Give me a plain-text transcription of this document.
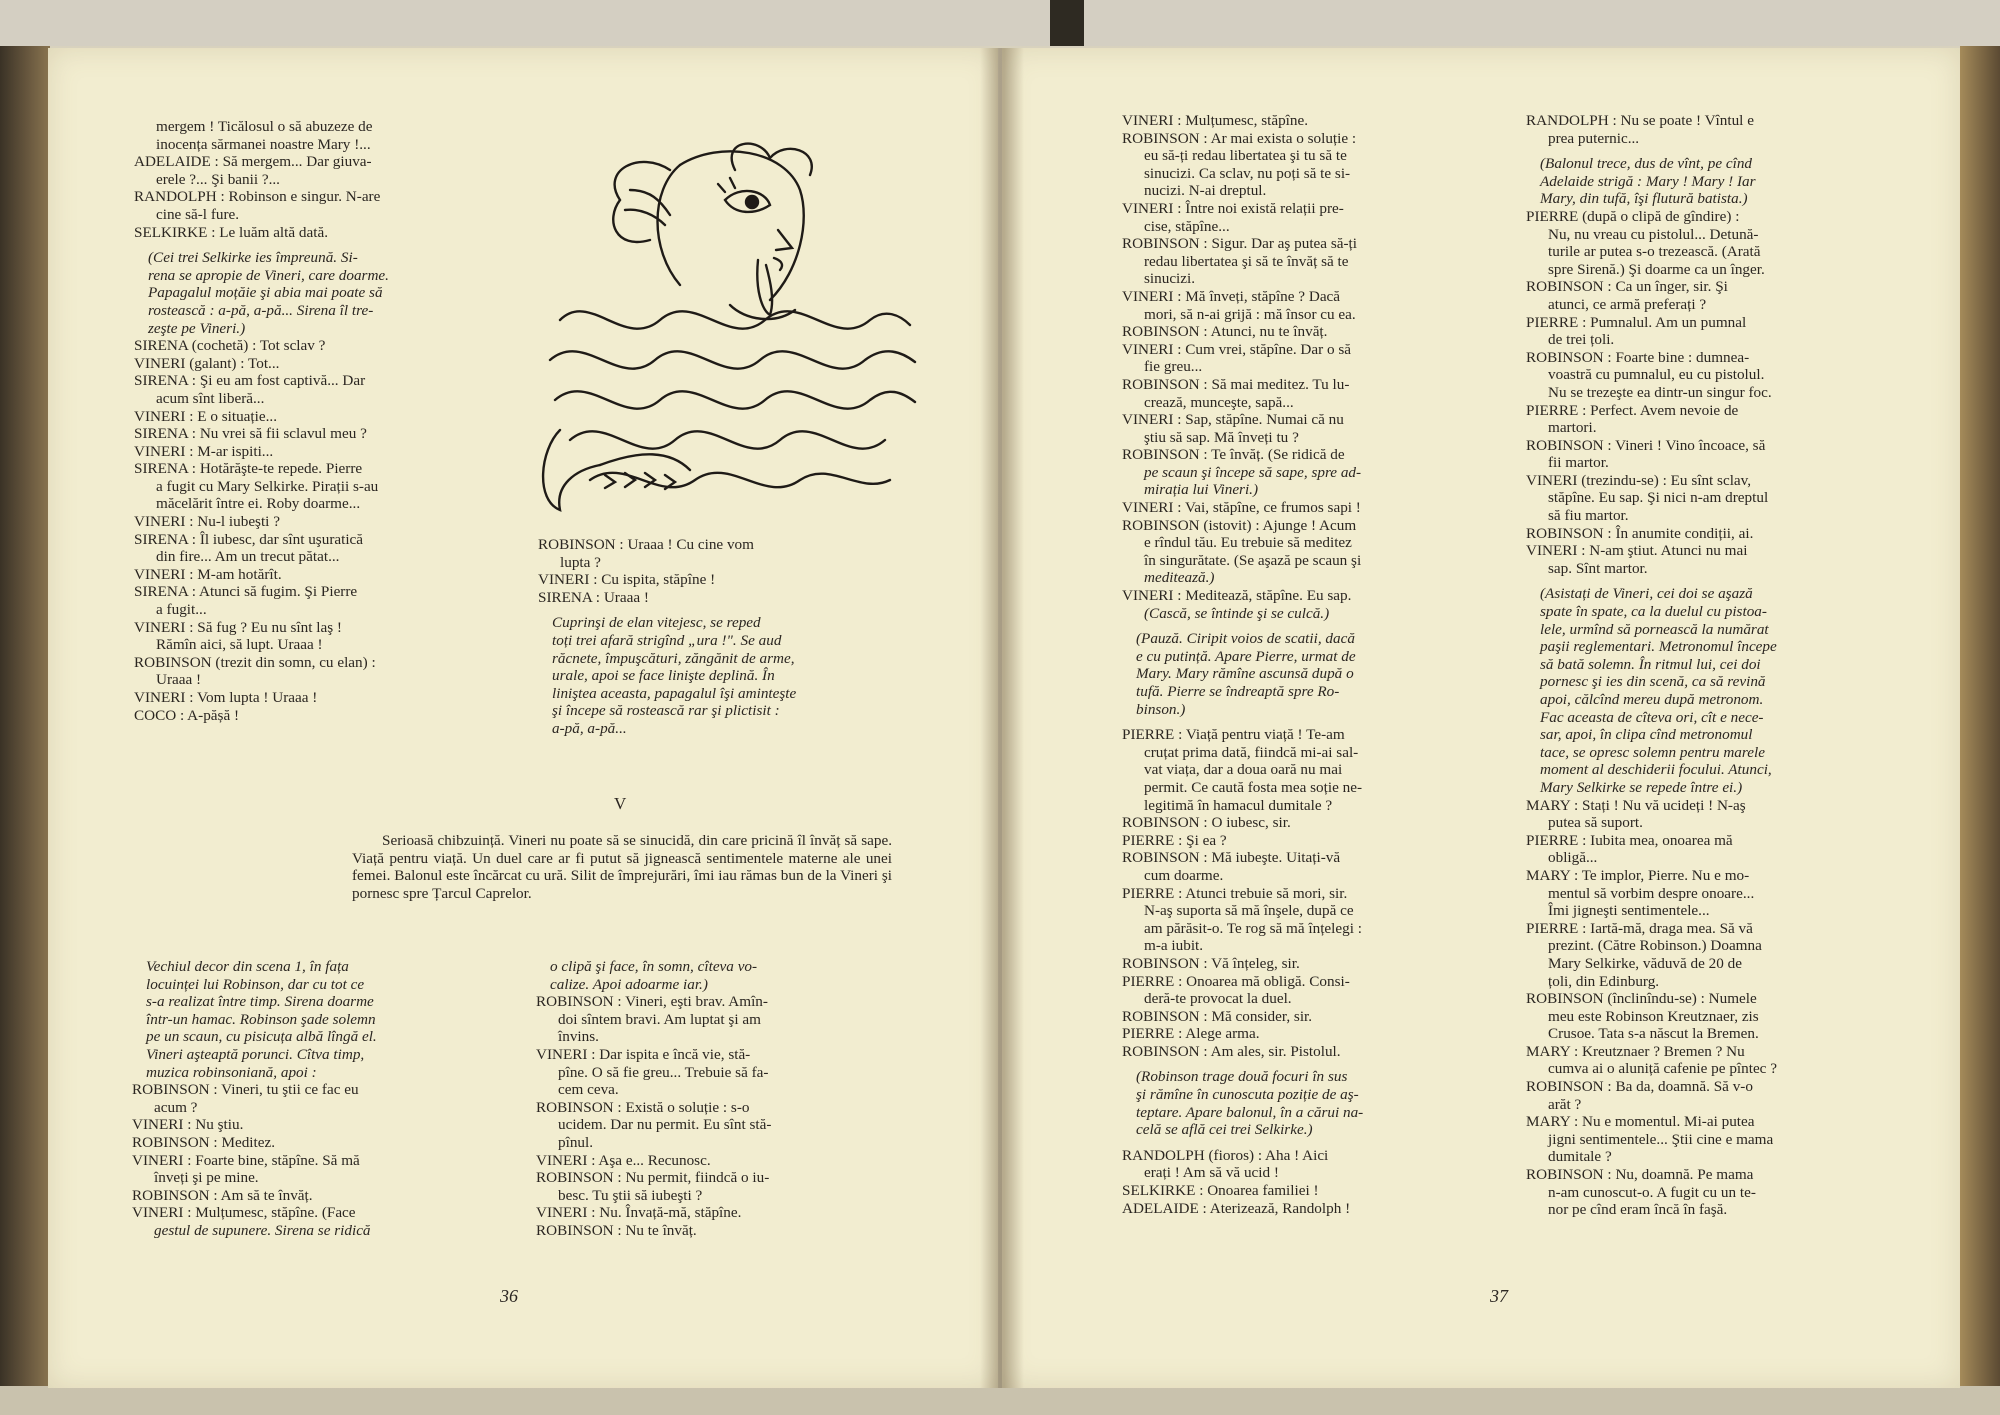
mergem ! Ticălosul o să abuzeze de
inocența sărmanei noastre Mary !...
ADELAIDE : Să mergem... Dar giuva-
erele ?... Şi banii ?...
RANDOLPH : Robinson e singur. N-are
cine să-l fure.
SELKIRKE : Le luăm altă dată.
(Cei trei Selkirke ies împreună. Si-
rena se apropie de Vineri, care doarme.
Papagalul moțăie şi abia mai poate să
rostească : a-pă, a-pă... Sirena îl tre-
zeşte pe Vineri.)
SIRENA (cochetă) : Tot sclav ?
VINERI (galant) : Tot...
SIRENA : Şi eu am fost captivă... Dar
acum sînt liberă...
VINERI : E o situație...
SIRENA : Nu vrei să fii sclavul meu ?
VINERI : M-ar ispiti...
SIRENA : Hotărăşte-te repede. Pierre
a fugit cu Mary Selkirke. Pirații s-au
măcelărit între ei. Roby doarme...
VINERI : Nu-l iubeşti ?
SIRENA : Îl iubesc, dar sînt uşuratică
din fire... Am un trecut pătat...
VINERI : M-am hotărît.
SIRENA : Atunci să fugim. Şi Pierre
a fugit...
VINERI : Să fug ? Eu nu sînt laş !
Rămîn aici, să lupt. Uraaa !
ROBINSON (trezit din somn, cu elan) :
Uraaa !
VINERI : Vom lupta ! Uraaa !
COCO : A-pășă !
ROBINSON : Uraaa ! Cu cine vom
lupta ?
VINERI : Cu ispita, stăpîne !
SIRENA : Uraaa !
Cuprinşi de elan vitejesc, se reped
toți trei afară strigînd „ura !". Se aud
răcnete, împuşcături, zăngănit de arme,
urale, apoi se face linişte deplină. În
liniştea aceasta, papagalul îşi aminteşte
şi începe să rostească rar şi plictisit :
a-pă, a-pă...
V
Serioasă chibzuință. Vineri nu poate să se sinucidă, din care pricină îl învăț să sape. Viață pentru viață. Un duel care ar fi putut să jignească sentimentele materne ale unei femei. Balonul este încărcat cu ură. Silit de împrejurări, îmi iau rămas bun de la Vineri şi pornesc spre Țarcul Caprelor.
Vechiul decor din scena 1, în fața
locuinței lui Robinson, dar cu tot ce
s-a realizat între timp. Sirena doarme
într-un hamac. Robinson şade solemn
pe un scaun, cu pisicuța albă lîngă el.
Vineri aşteaptă porunci. Cîtva timp,
muzica robinsoniană, apoi :
ROBINSON : Vineri, tu ştii ce fac eu
acum ?
VINERI : Nu ştiu.
ROBINSON : Meditez.
VINERI : Foarte bine, stăpîne. Să mă
înveți şi pe mine.
ROBINSON : Am să te învăț.
VINERI : Mulțumesc, stăpîne. (Face
gestul de supunere. Sirena se ridică
o clipă şi face, în somn, cîteva vo-
calize. Apoi adoarme iar.)
ROBINSON : Vineri, eşti brav. Amîn-
doi sîntem bravi. Am luptat şi am
învins.
VINERI : Dar ispita e încă vie, stă-
pîne. O să fie greu... Trebuie să fa-
cem ceva.
ROBINSON : Există o soluție : s-o
ucidem. Dar nu permit. Eu sînt stă-
pînul.
VINERI : Aşa e... Recunosc.
ROBINSON : Nu permit, fiindcă o iu-
besc. Tu ştii să iubeşti ?
VINERI : Nu. Învață-mă, stăpîne.
ROBINSON : Nu te învăț.
36
VINERI : Mulțumesc, stăpîne.
ROBINSON : Ar mai exista o soluție :
eu să-ți redau libertatea şi tu să te
sinucizi. Ca sclav, nu poți să te si-
nucizi. N-ai dreptul.
VINERI : Între noi există relații pre-
cise, stăpîne...
ROBINSON : Sigur. Dar aş putea să-ți
redau libertatea şi să te învăț să te
sinucizi.
VINERI : Mă înveți, stăpîne ? Dacă
mori, să n-ai grijă : mă însor cu ea.
ROBINSON : Atunci, nu te învăț.
VINERI : Cum vrei, stăpîne. Dar o să
fie greu...
ROBINSON : Să mai meditez. Tu lu-
crează, munceşte, sapă...
VINERI : Sap, stăpîne. Numai că nu
ştiu să sap. Mă înveți tu ?
ROBINSON : Te învăț. (Se ridică de
pe scaun şi începe să sape, spre ad-
mirația lui Vineri.)
VINERI : Vai, stăpîne, ce frumos sapi !
ROBINSON (istovit) : Ajunge ! Acum
e rîndul tău. Eu trebuie să meditez
în singurătate. (Se aşază pe scaun şi
meditează.)
VINERI : Meditează, stăpîne. Eu sap.
(Cască, se întinde şi se culcă.)
(Pauză. Ciripit voios de scatii, dacă
e cu putință. Apare Pierre, urmat de
Mary. Mary rămîne ascunsă după o
tufă. Pierre se îndreaptă spre Ro-
binson.)
PIERRE : Viață pentru viață ! Te-am
cruțat prima dată, fiindcă mi-ai sal-
vat viața, dar a doua oară nu mai
permit. Ce caută fosta mea soție ne-
legitimă în hamacul dumitale ?
ROBINSON : O iubesc, sir.
PIERRE : Şi ea ?
ROBINSON : Mă iubeşte. Uitați-vă
cum doarme.
PIERRE : Atunci trebuie să mori, sir.
N-aş suporta să mă înşele, după ce
am părăsit-o. Te rog să mă înțelegi :
m-a iubit.
ROBINSON : Vă înțeleg, sir.
PIERRE : Onoarea mă obligă. Consi-
deră-te provocat la duel.
ROBINSON : Mă consider, sir.
PIERRE : Alege arma.
ROBINSON : Am ales, sir. Pistolul.
(Robinson trage două focuri în sus
şi rămîne în cunoscuta poziție de aş-
teptare. Apare balonul, în a cărui na-
celă se află cei trei Selkirke.)
RANDOLPH (fioros) : Aha ! Aici
erați ! Am să vă ucid !
SELKIRKE : Onoarea familiei !
ADELAIDE : Aterizează, Randolph !
RANDOLPH : Nu se poate ! Vîntul e
prea puternic...
(Balonul trece, dus de vînt, pe cînd
Adelaide strigă : Mary ! Mary ! Iar
Mary, din tufă, îşi flutură batista.)
PIERRE (după o clipă de gîndire) :
Nu, nu vreau cu pistolul... Detună-
turile ar putea s-o trezească. (Arată
spre Sirenă.) Şi doarme ca un înger.
ROBINSON : Ca un înger, sir. Şi
atunci, ce armă preferați ?
PIERRE : Pumnalul. Am un pumnal
de trei țoli.
ROBINSON : Foarte bine : dumnea-
voastră cu pumnalul, eu cu pistolul.
Nu se trezeşte ea dintr-un singur foc.
PIERRE : Perfect. Avem nevoie de
martori.
ROBINSON : Vineri ! Vino încoace, să
fii martor.
VINERI (trezindu-se) : Eu sînt sclav,
stăpîne. Eu sap. Şi nici n-am dreptul
să fiu martor.
ROBINSON : În anumite condiții, ai.
VINERI : N-am ştiut. Atunci nu mai
sap. Sînt martor.
(Asistați de Vineri, cei doi se aşază
spate în spate, ca la duelul cu pistoa-
lele, urmînd să pornească la numărat
paşii reglementari. Metronomul începe
să bată solemn. În ritmul lui, cei doi
pornesc şi ies din scenă, ca să revină
apoi, călcînd mereu după metronom.
Fac aceasta de cîteva ori, cît e nece-
sar, apoi, în clipa cînd metronomul
tace, se opresc solemn pentru marele
moment al deschiderii focului. Atunci,
Mary Selkirke se repede între ei.)
MARY : Stați ! Nu vă ucideți ! N-aş
putea să suport.
PIERRE : Iubita mea, onoarea mă
obligă...
MARY : Te implor, Pierre. Nu e mo-
mentul să vorbim despre onoare...
Îmi jigneşti sentimentele...
PIERRE : Iartă-mă, draga mea. Să vă
prezint. (Către Robinson.) Doamna
Mary Selkirke, văduvă de 20 de
țoli, din Edinburg.
ROBINSON (înclinîndu-se) : Numele
meu este Robinson Kreutznaer, zis
Crusoe. Tata s-a născut la Bremen.
MARY : Kreutznaer ? Bremen ? Nu
cumva ai o aluniță cafenie pe pîntec ?
ROBINSON : Ba da, doamnă. Să v-o
arăt ?
MARY : Nu e momentul. Mi-ai putea
jigni sentimentele... Ştii cine e mama
dumitale ?
ROBINSON : Nu, doamnă. Pe mama
n-am cunoscut-o. A fugit cu un te-
nor pe cînd eram încă în faşă.
37
